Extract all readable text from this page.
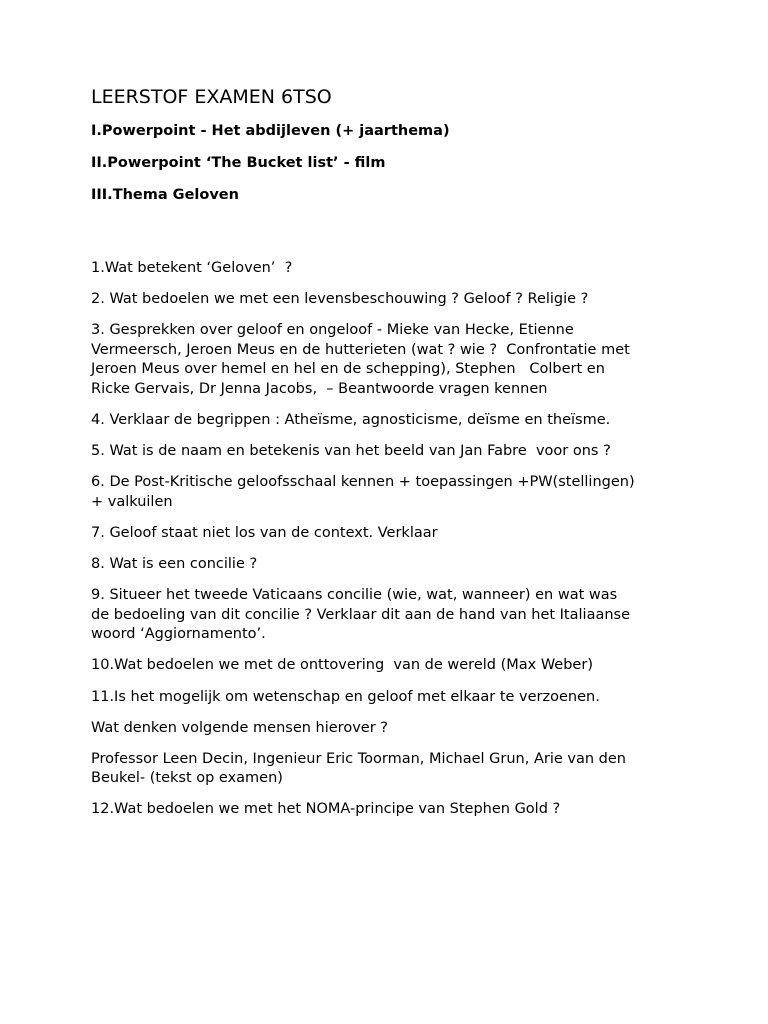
LEERSTOF EXAMEN 6TSO
I.Powerpoint - Het abdijleven (+ jaarthema)
II.Powerpoint ‘The Bucket list’ - film
III.Thema Geloven
1.Wat betekent ‘Geloven’  ?
2. Wat bedoelen we met een levensbeschouwing ? Geloof ? Religie ?
3. Gesprekken over geloof en ongeloof - Mieke van Hecke, Etienne
Vermeersch, Jeroen Meus en de hutterieten (wat ? wie ?  Confrontatie met
Jeroen Meus over hemel en hel en de schepping), Stephen   Colbert en
Ricke Gervais, Dr Jenna Jacobs,  – Beantwoorde vragen kennen
4. Verklaar de begrippen : Atheïsme, agnosticisme, deïsme en theïsme.
5. Wat is de naam en betekenis van het beeld van Jan Fabre  voor ons ?
6. De Post-Kritische geloofsschaal kennen + toepassingen +PW(stellingen)
+ valkuilen
7. Geloof staat niet los van de context. Verklaar
8. Wat is een concilie ?
9. Situeer het tweede Vaticaans concilie (wie, wat, wanneer) en wat was
de bedoeling van dit concilie ? Verklaar dit aan de hand van het Italiaanse
woord ‘Aggiornamento’.
10.Wat bedoelen we met de onttovering  van de wereld (Max Weber)
11.Is het mogelijk om wetenschap en geloof met elkaar te verzoenen.
Wat denken volgende mensen hierover ?
Professor Leen Decin, Ingenieur Eric Toorman, Michael Grun, Arie van den
Beukel- (tekst op examen)
12.Wat bedoelen we met het NOMA-principe van Stephen Gold ?
